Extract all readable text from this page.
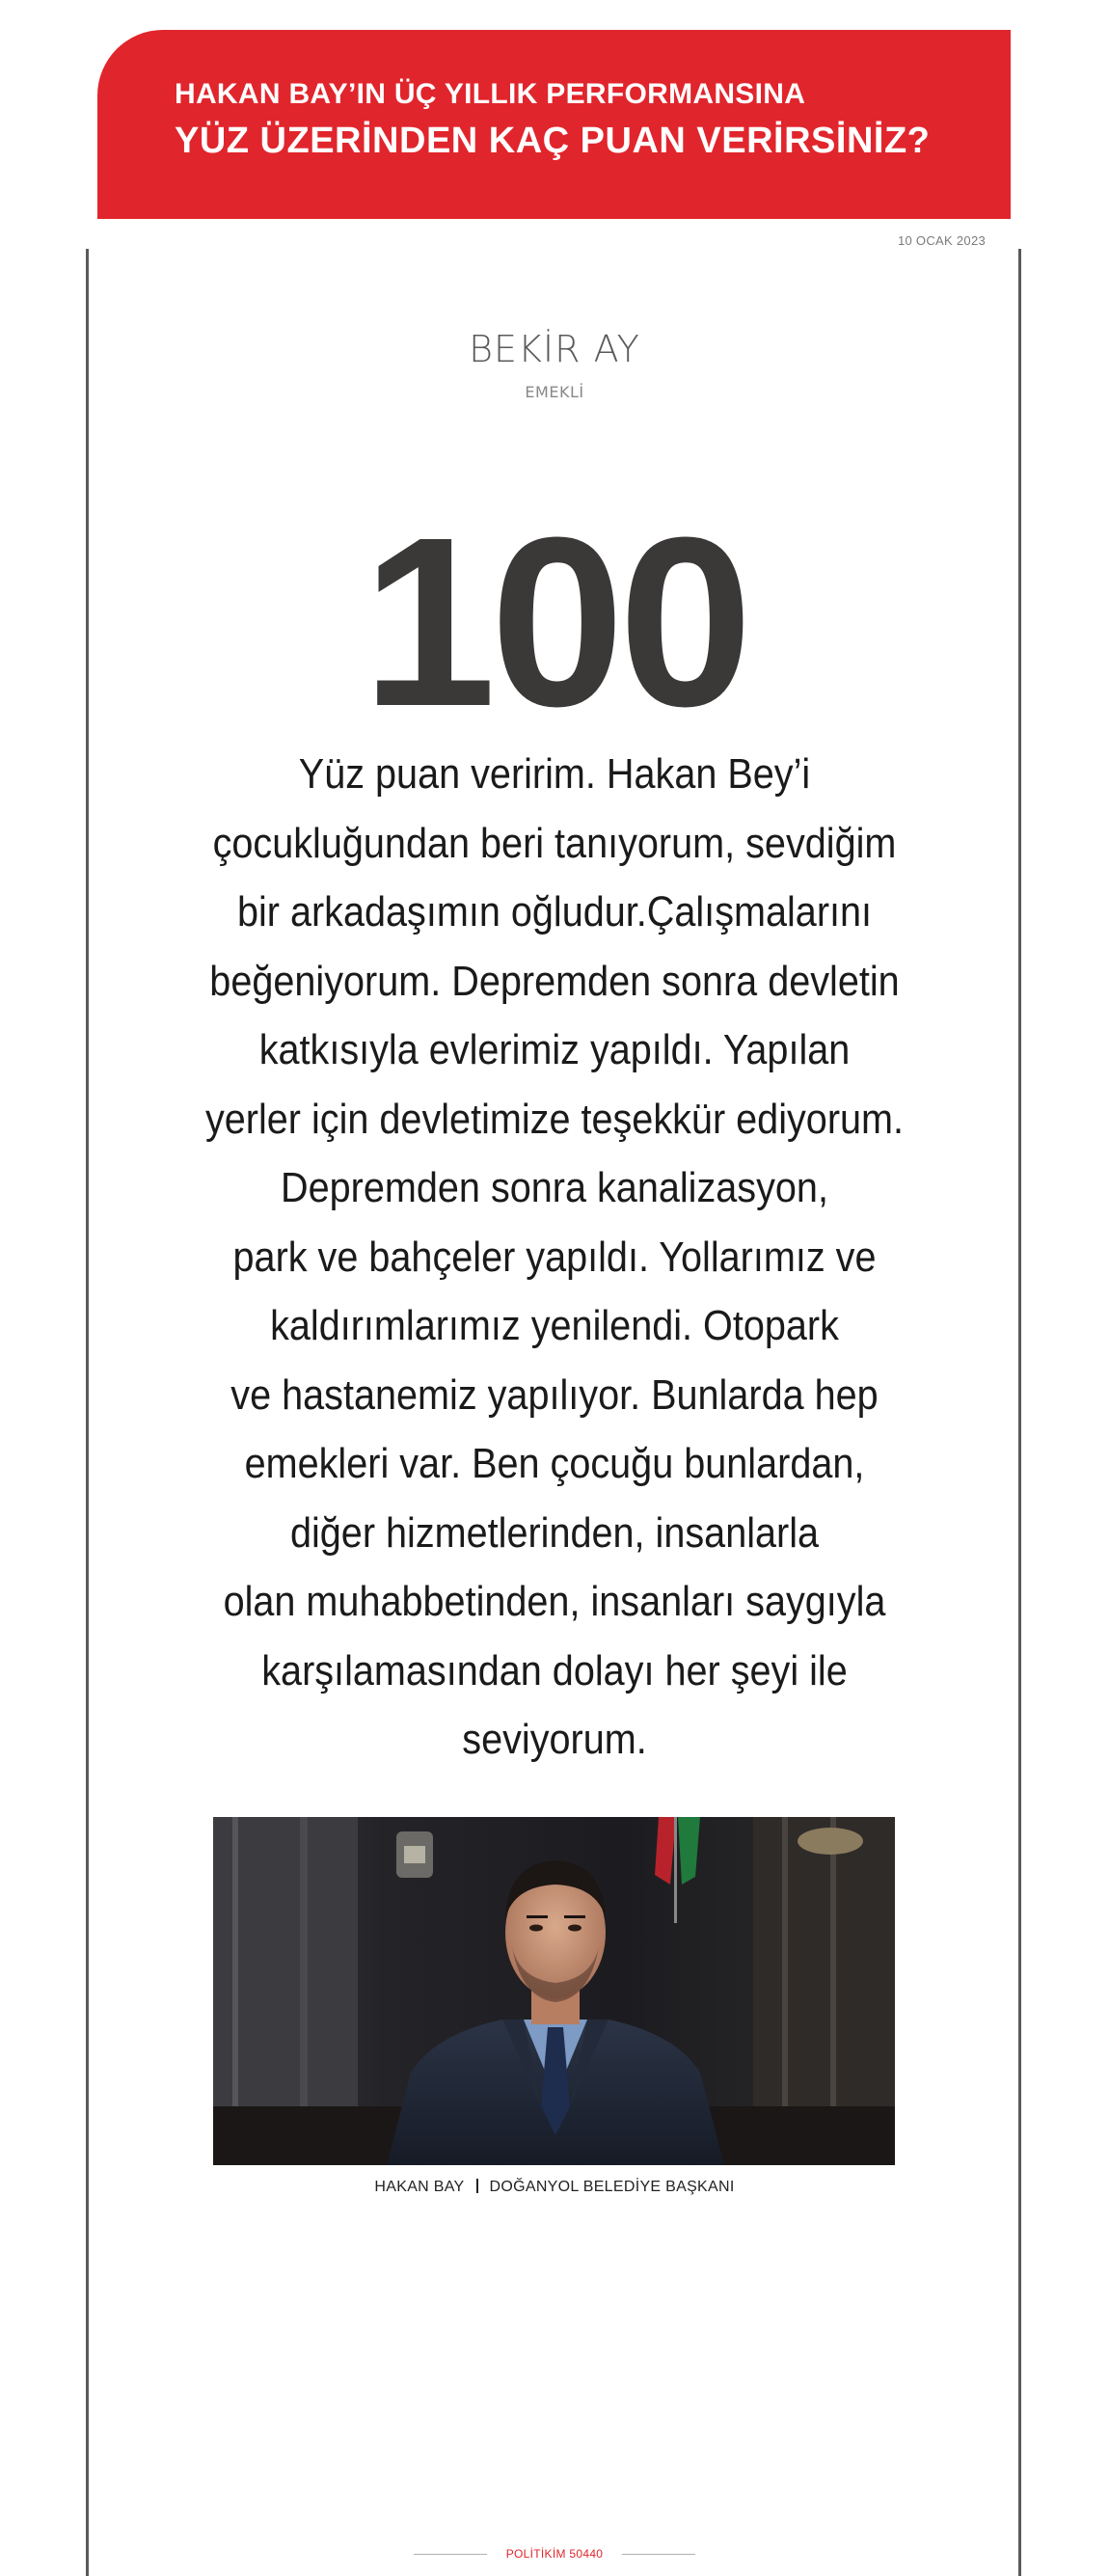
HAKAN BAY’IN ÜÇ YILLIK PERFORMANSINA
YÜZ ÜZERİNDEN KAÇ PUAN VERİRSİNİZ?
10 OCAK 2023
BEKİR AY
EMEKLİ
100
Yüz puan veririm. Hakan Bey’i
çocukluğundan beri tanıyorum, sevdiğim
bir arkadaşımın oğludur.Çalışmalarını
beğeniyorum. Depremden sonra devletin
katkısıyla evlerimiz yapıldı. Yapılan
yerler için devletimize teşekkür ediyorum.
Depremden sonra kanalizasyon,
park ve bahçeler yapıldı. Yollarımız ve
kaldırımlarımız yenilendi. Otopark
ve hastanemiz yapılıyor. Bunlarda hep
emekleri var. Ben çocuğu bunlardan,
diğer hizmetlerinden, insanlarla
olan muhabbetinden, insanları saygıyla
karşılamasından dolayı her şeyi ile
seviyorum.
HAKAN BAY DOĞANYOL BELEDİYE BAŞKANI
POLİTİKİM 50440
